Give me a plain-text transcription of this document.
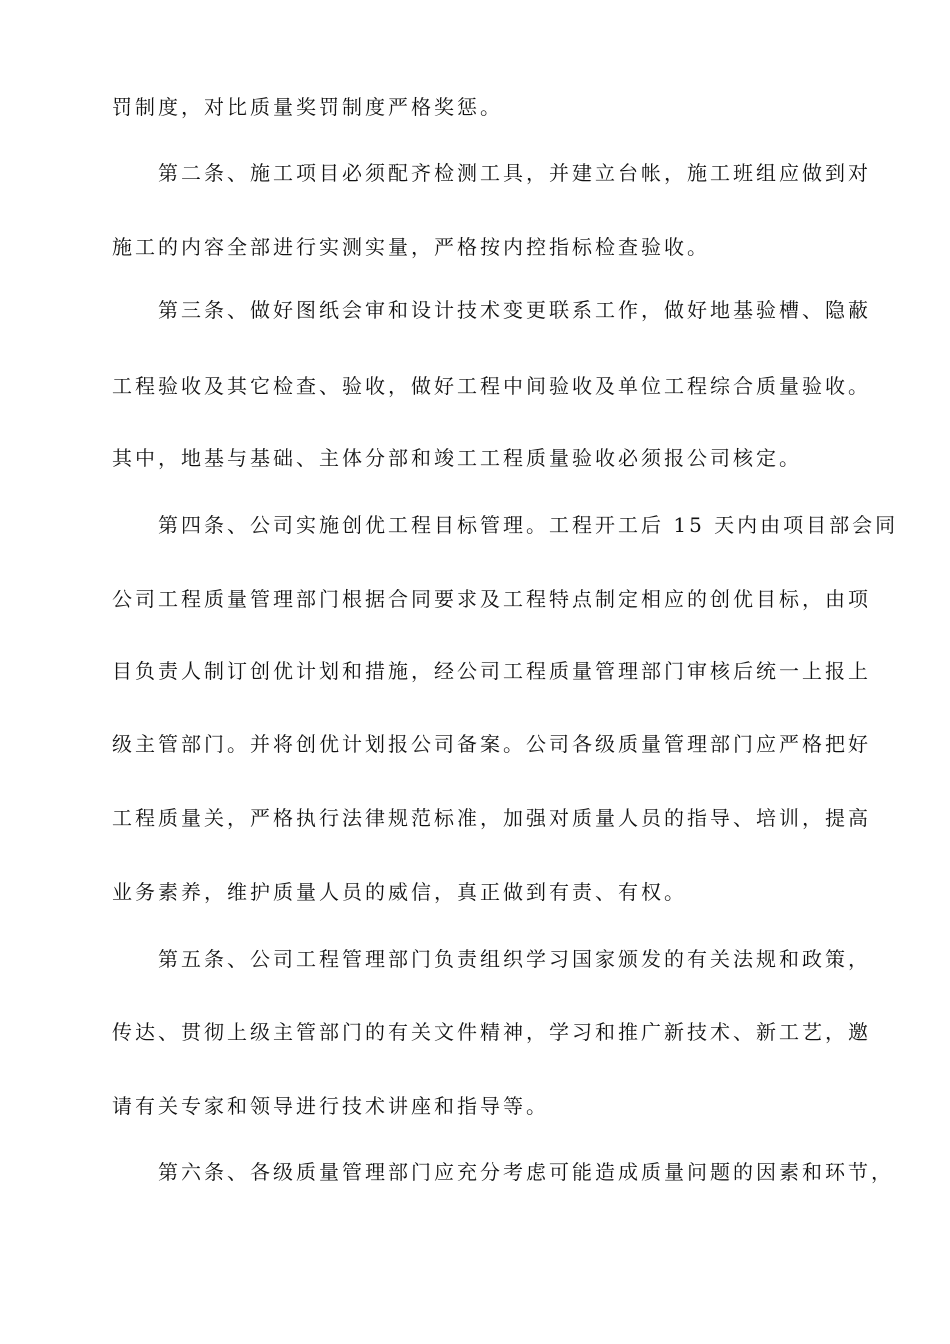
罚制度，对比质量奖罚制度严格奖惩。
第二条、施工项目必须配齐检测工具，并建立台帐，施工班组应做到对
施工的内容全部进行实测实量，严格按内控指标检查验收。
第三条、做好图纸会审和设计技术变更联系工作，做好地基验槽、隐蔽
工程验收及其它检查、验收，做好工程中间验收及单位工程综合质量验收。
其中，地基与基础、主体分部和竣工工程质量验收必须报公司核定。
第四条、公司实施创优工程目标管理。工程开工后 15 天内由项目部会同
公司工程质量管理部门根据合同要求及工程特点制定相应的创优目标，由项
目负责人制订创优计划和措施，经公司工程质量管理部门审核后统一上报上
级主管部门。并将创优计划报公司备案。公司各级质量管理部门应严格把好
工程质量关，严格执行法律规范标准，加强对质量人员的指导、培训，提高
业务素养，维护质量人员的威信，真正做到有责、有权。
第五条、公司工程管理部门负责组织学习国家颁发的有关法规和政策，
传达、贯彻上级主管部门的有关文件精神，学习和推广新技术、新工艺，邀
请有关专家和领导进行技术讲座和指导等。
第六条、各级质量管理部门应充分考虑可能造成质量问题的因素和环节，
